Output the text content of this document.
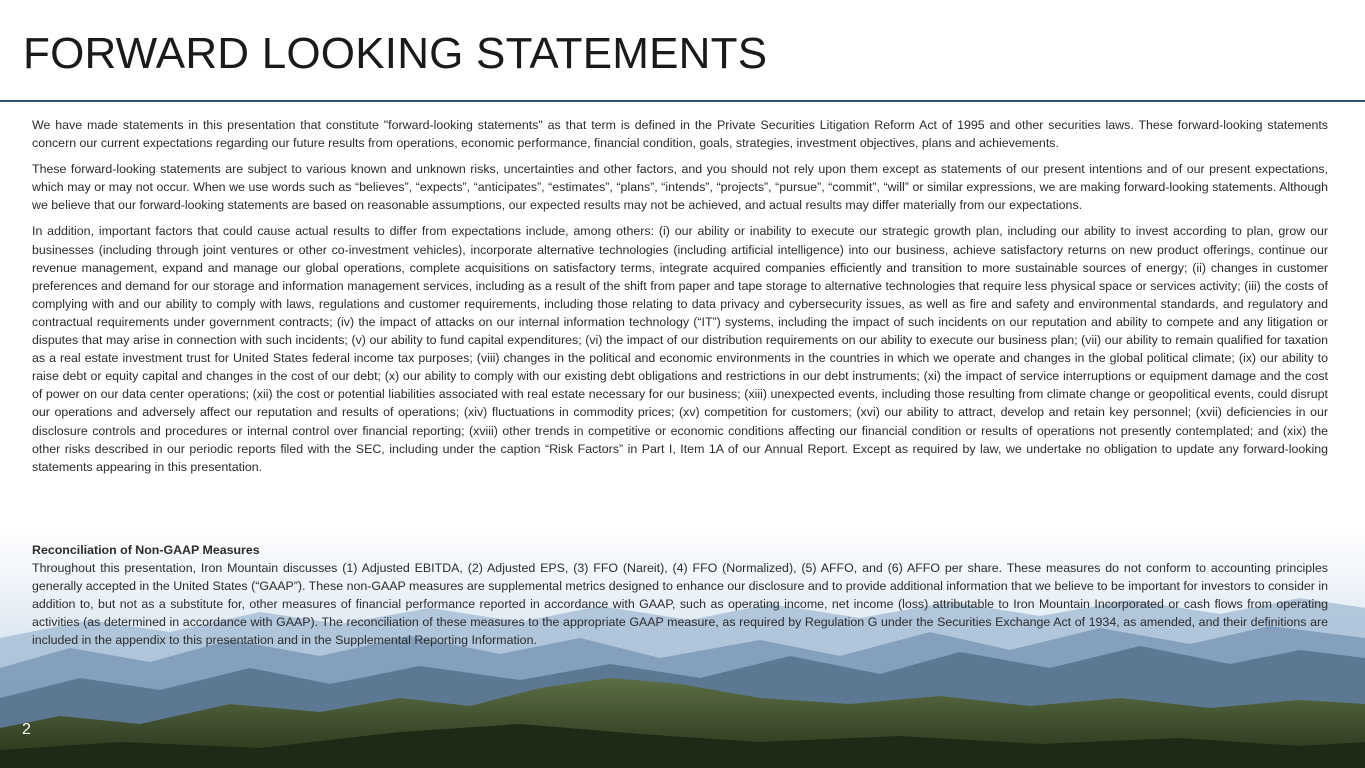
FORWARD LOOKING STATEMENTS

We have made statements in this presentation that constitute "forward-looking statements" as that term is defined in the Private Securities Litigation Reform Act of 1995 and other securities laws. These forward-looking statements concern our current expectations regarding our future results from operations, economic performance, financial condition, goals, strategies, investment objectives, plans and achievements.

These forward-looking statements are subject to various known and unknown risks, uncertainties and other factors, and you should not rely upon them except as statements of our present intentions and of our present expectations, which may or may not occur. When we use words such as “believes”, “expects”, “anticipates”, “estimates”, “plans”, “intends”, “projects”, “pursue”, “commit”, “will” or similar expressions, we are making forward-looking statements. Although we believe that our forward-looking statements are based on reasonable assumptions, our expected results may not be achieved, and actual results may differ materially from our expectations.

In addition, important factors that could cause actual results to differ from expectations include, among others: (i) our ability or inability to execute our strategic growth plan, including our ability to invest according to plan, grow our businesses (including through joint ventures or other co-investment vehicles), incorporate alternative technologies (including artificial intelligence) into our business, achieve satisfactory returns on new product offerings, continue our revenue management, expand and manage our global operations, complete acquisitions on satisfactory terms, integrate acquired companies efficiently and transition to more sustainable sources of energy; (ii) changes in customer preferences and demand for our storage and information management services, including as a result of the shift from paper and tape storage to alternative technologies that require less physical space or services activity; (iii) the costs of complying with and our ability to comply with laws, regulations and customer requirements, including those relating to data privacy and cybersecurity issues, as well as fire and safety and environmental standards, and regulatory and contractual requirements under government contracts; (iv) the impact of attacks on our internal information technology (“IT”) systems, including the impact of such incidents on our reputation and ability to compete and any litigation or disputes that may arise in connection with such incidents; (v) our ability to fund capital expenditures; (vi) the impact of our distribution requirements on our ability to execute our business plan; (vii) our ability to remain qualified for taxation as a real estate investment trust for United States federal income tax purposes; (viii) changes in the political and economic environments in the countries in which we operate and changes in the global political climate; (ix) our ability to raise debt or equity capital and changes in the cost of our debt; (x) our ability to comply with our existing debt obligations and restrictions in our debt instruments; (xi) the impact of service interruptions or equipment damage and the cost of power on our data center operations; (xii) the cost or potential liabilities associated with real estate necessary for our business; (xiii) unexpected events, including those resulting from climate change or geopolitical events, could disrupt our operations and adversely affect our reputation and results of operations; (xiv) fluctuations in commodity prices; (xv) competition for customers; (xvi) our ability to attract, develop and retain key personnel; (xvii) deficiencies in our disclosure controls and procedures or internal control over financial reporting; (xviii) other trends in competitive or economic conditions affecting our financial condition or results of operations not presently contemplated; and (xix) the other risks described in our periodic reports filed with the SEC, including under the caption “Risk Factors” in Part I, Item 1A of our Annual Report. Except as required by law, we undertake no obligation to update any forward-looking statements appearing in this presentation.

Reconciliation of Non-GAAP Measures

Throughout this presentation, Iron Mountain discusses (1) Adjusted EBITDA, (2) Adjusted EPS, (3) FFO (Nareit), (4) FFO (Normalized), (5) AFFO, and (6) AFFO per share. These measures do not conform to accounting principles generally accepted in the United States (“GAAP”). These non-GAAP measures are supplemental metrics designed to enhance our disclosure and to provide additional information that we believe to be important for investors to consider in addition to, but not as a substitute for, other measures of financial performance reported in accordance with GAAP, such as operating income, net income (loss) attributable to Iron Mountain Incorporated or cash flows from operating activities (as determined in accordance with GAAP). The reconciliation of these measures to the appropriate GAAP measure, as required by Regulation G under the Securities Exchange Act of 1934, as amended, and their definitions are included in the appendix to this presentation and in the Supplemental Reporting Information.

2
